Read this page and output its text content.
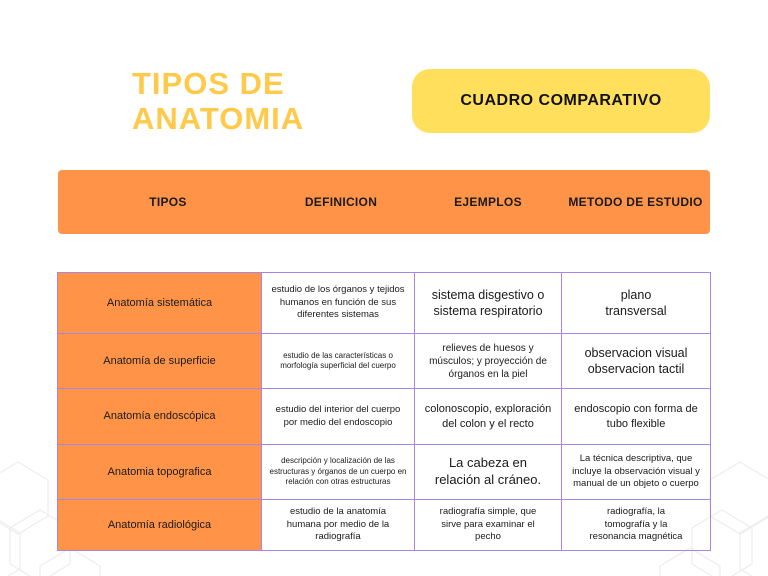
TIPOS DE
ANATOMIA
CUADRO COMPARATIVO
TIPOS	DEFINICION	EJEMPLOS	METODO DE ESTUDIO
Anatomía sistemática	estudio de los órganos y tejidos humanos en función de sus diferentes sistemas	sistema disgestivo o sistema respiratorio	plano transversal
Anatomía de superficie	estudio de las características o morfología superficial del cuerpo	relieves de huesos y músculos; y proyección de órganos en la piel	observacion visual observacion tactil
Anatomía endoscópica	estudio del interior del cuerpo por medio del endoscopio	colonoscopio, exploración del colon y el recto	endoscopio con forma de tubo flexible
Anatomia topografica	descripción y localización de las estructuras y órganos de un cuerpo en relación con otras estructuras	La cabeza en relación al cráneo.	La técnica descriptiva, que incluye la observación visual y manual de un objeto o cuerpo
Anatomía radiológica	estudio de la anatomía humana por medio de la radiografía	radiografía simple, que sirve para examinar el pecho	radiografía, la tomografía y la resonancia magnética
